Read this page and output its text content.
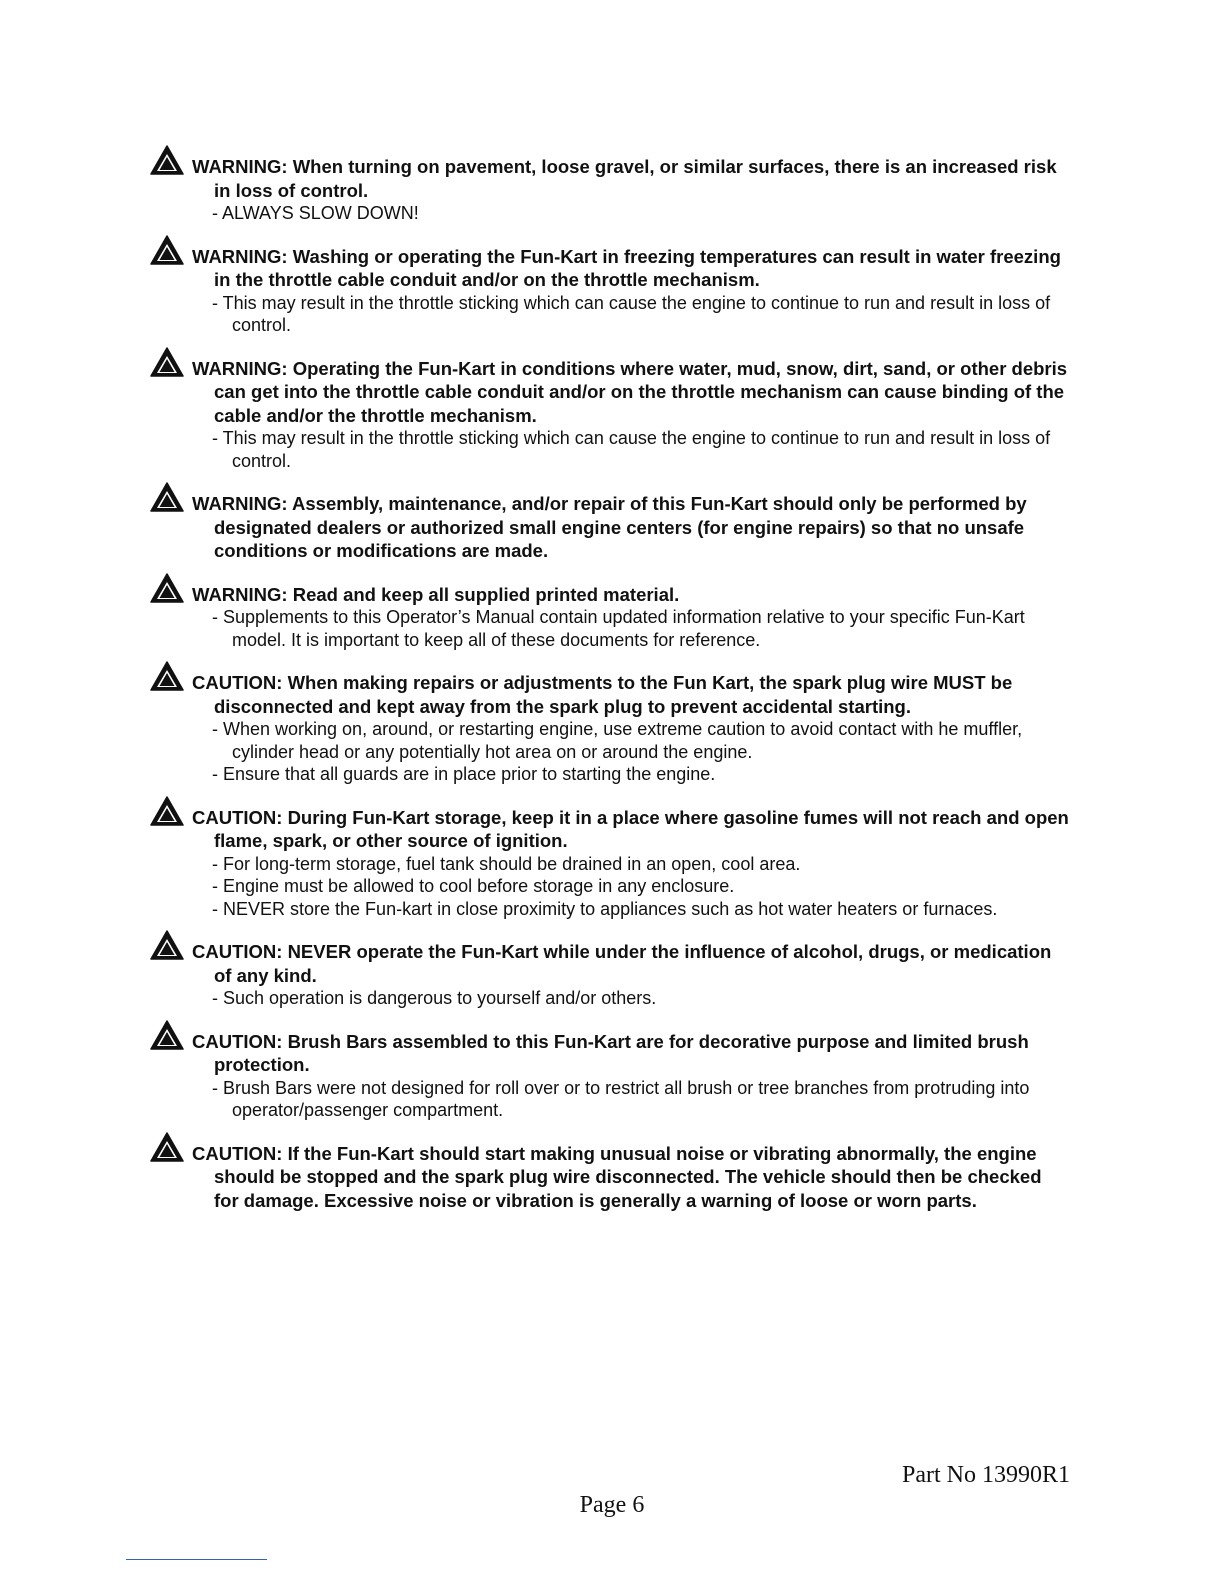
WARNING: When turning on pavement, loose gravel, or similar surfaces, there is an increased risk in loss of control.

- ALWAYS SLOW DOWN!

WARNING: Washing or operating the Fun-Kart in freezing temperatures can result in water freezing in the throttle cable conduit and/or on the throttle mechanism.

- This may result in the throttle sticking which can cause the engine to continue to run and result in loss of control.

WARNING: Operating the Fun-Kart in conditions where water, mud, snow, dirt, sand, or other debris can get into the throttle cable conduit and/or on the throttle mechanism can cause binding of the cable and/or the throttle mechanism.

- This may result in the throttle sticking which can cause the engine to continue to run and result in loss of control.

WARNING: Assembly, maintenance, and/or repair of this Fun-Kart should only be performed by designated dealers or authorized small engine centers (for engine repairs) so that no unsafe conditions or modifications are made.

WARNING: Read and keep all supplied printed material.

- Supplements to this Operator’s Manual contain updated information relative to your specific Fun-Kart model. It is important to keep all of these documents for reference.

CAUTION: When making repairs or adjustments to the Fun Kart, the spark plug wire MUST be disconnected and kept away from the spark plug to prevent accidental starting.

- When working on, around, or restarting engine, use extreme caution to avoid contact with he muffler, cylinder head or any potentially hot area on or around the engine.
- Ensure that all guards are in place prior to starting the engine.

CAUTION: During Fun-Kart storage, keep it in a place where gasoline fumes will not reach and open flame, spark, or other source of ignition.

- For long-term storage, fuel tank should be drained in an open, cool area.
- Engine must be allowed to cool before storage in any enclosure.
- NEVER store the Fun-kart in close proximity to appliances such as hot water heaters or furnaces.

CAUTION: NEVER operate the Fun-Kart while under the influence of alcohol, drugs, or medication of any kind.

- Such operation is dangerous to yourself and/or others.

CAUTION: Brush Bars assembled to this Fun-Kart are for decorative purpose and limited brush protection.

- Brush Bars were not designed for roll over or to restrict all brush or tree branches from protruding into operator/passenger compartment.

CAUTION: If the Fun-Kart should start making unusual noise or vibrating abnormally, the engine should be stopped and the spark plug wire disconnected. The vehicle should then be checked for damage. Excessive noise or vibration is generally a warning of loose or worn parts.

Part No 13990R1
Page 6
